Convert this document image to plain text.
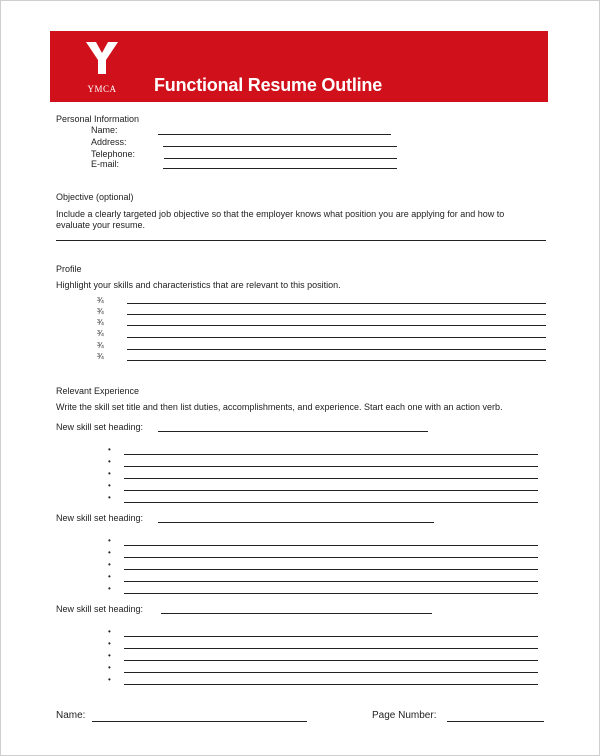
YMCA Functional Resume Outline
Personal Information
Name:
Address:
Telephone:
E-mail:
Objective (optional)
Include a clearly targeted job objective so that the employer knows what position you are applying for and how to
evaluate your resume.
Profile
Highlight your skills and characteristics that are relevant to this position.
¾
¾
¾
¾
¾
¾
Relevant Experience
Write the skill set title and then list duties, accomplishments, and experience. Start each one with an action verb.
New skill set heading:
•
•
•
•
•
New skill set heading:
•
•
•
•
•
New skill set heading:
•
•
•
•
•
Name:	Page Number:
